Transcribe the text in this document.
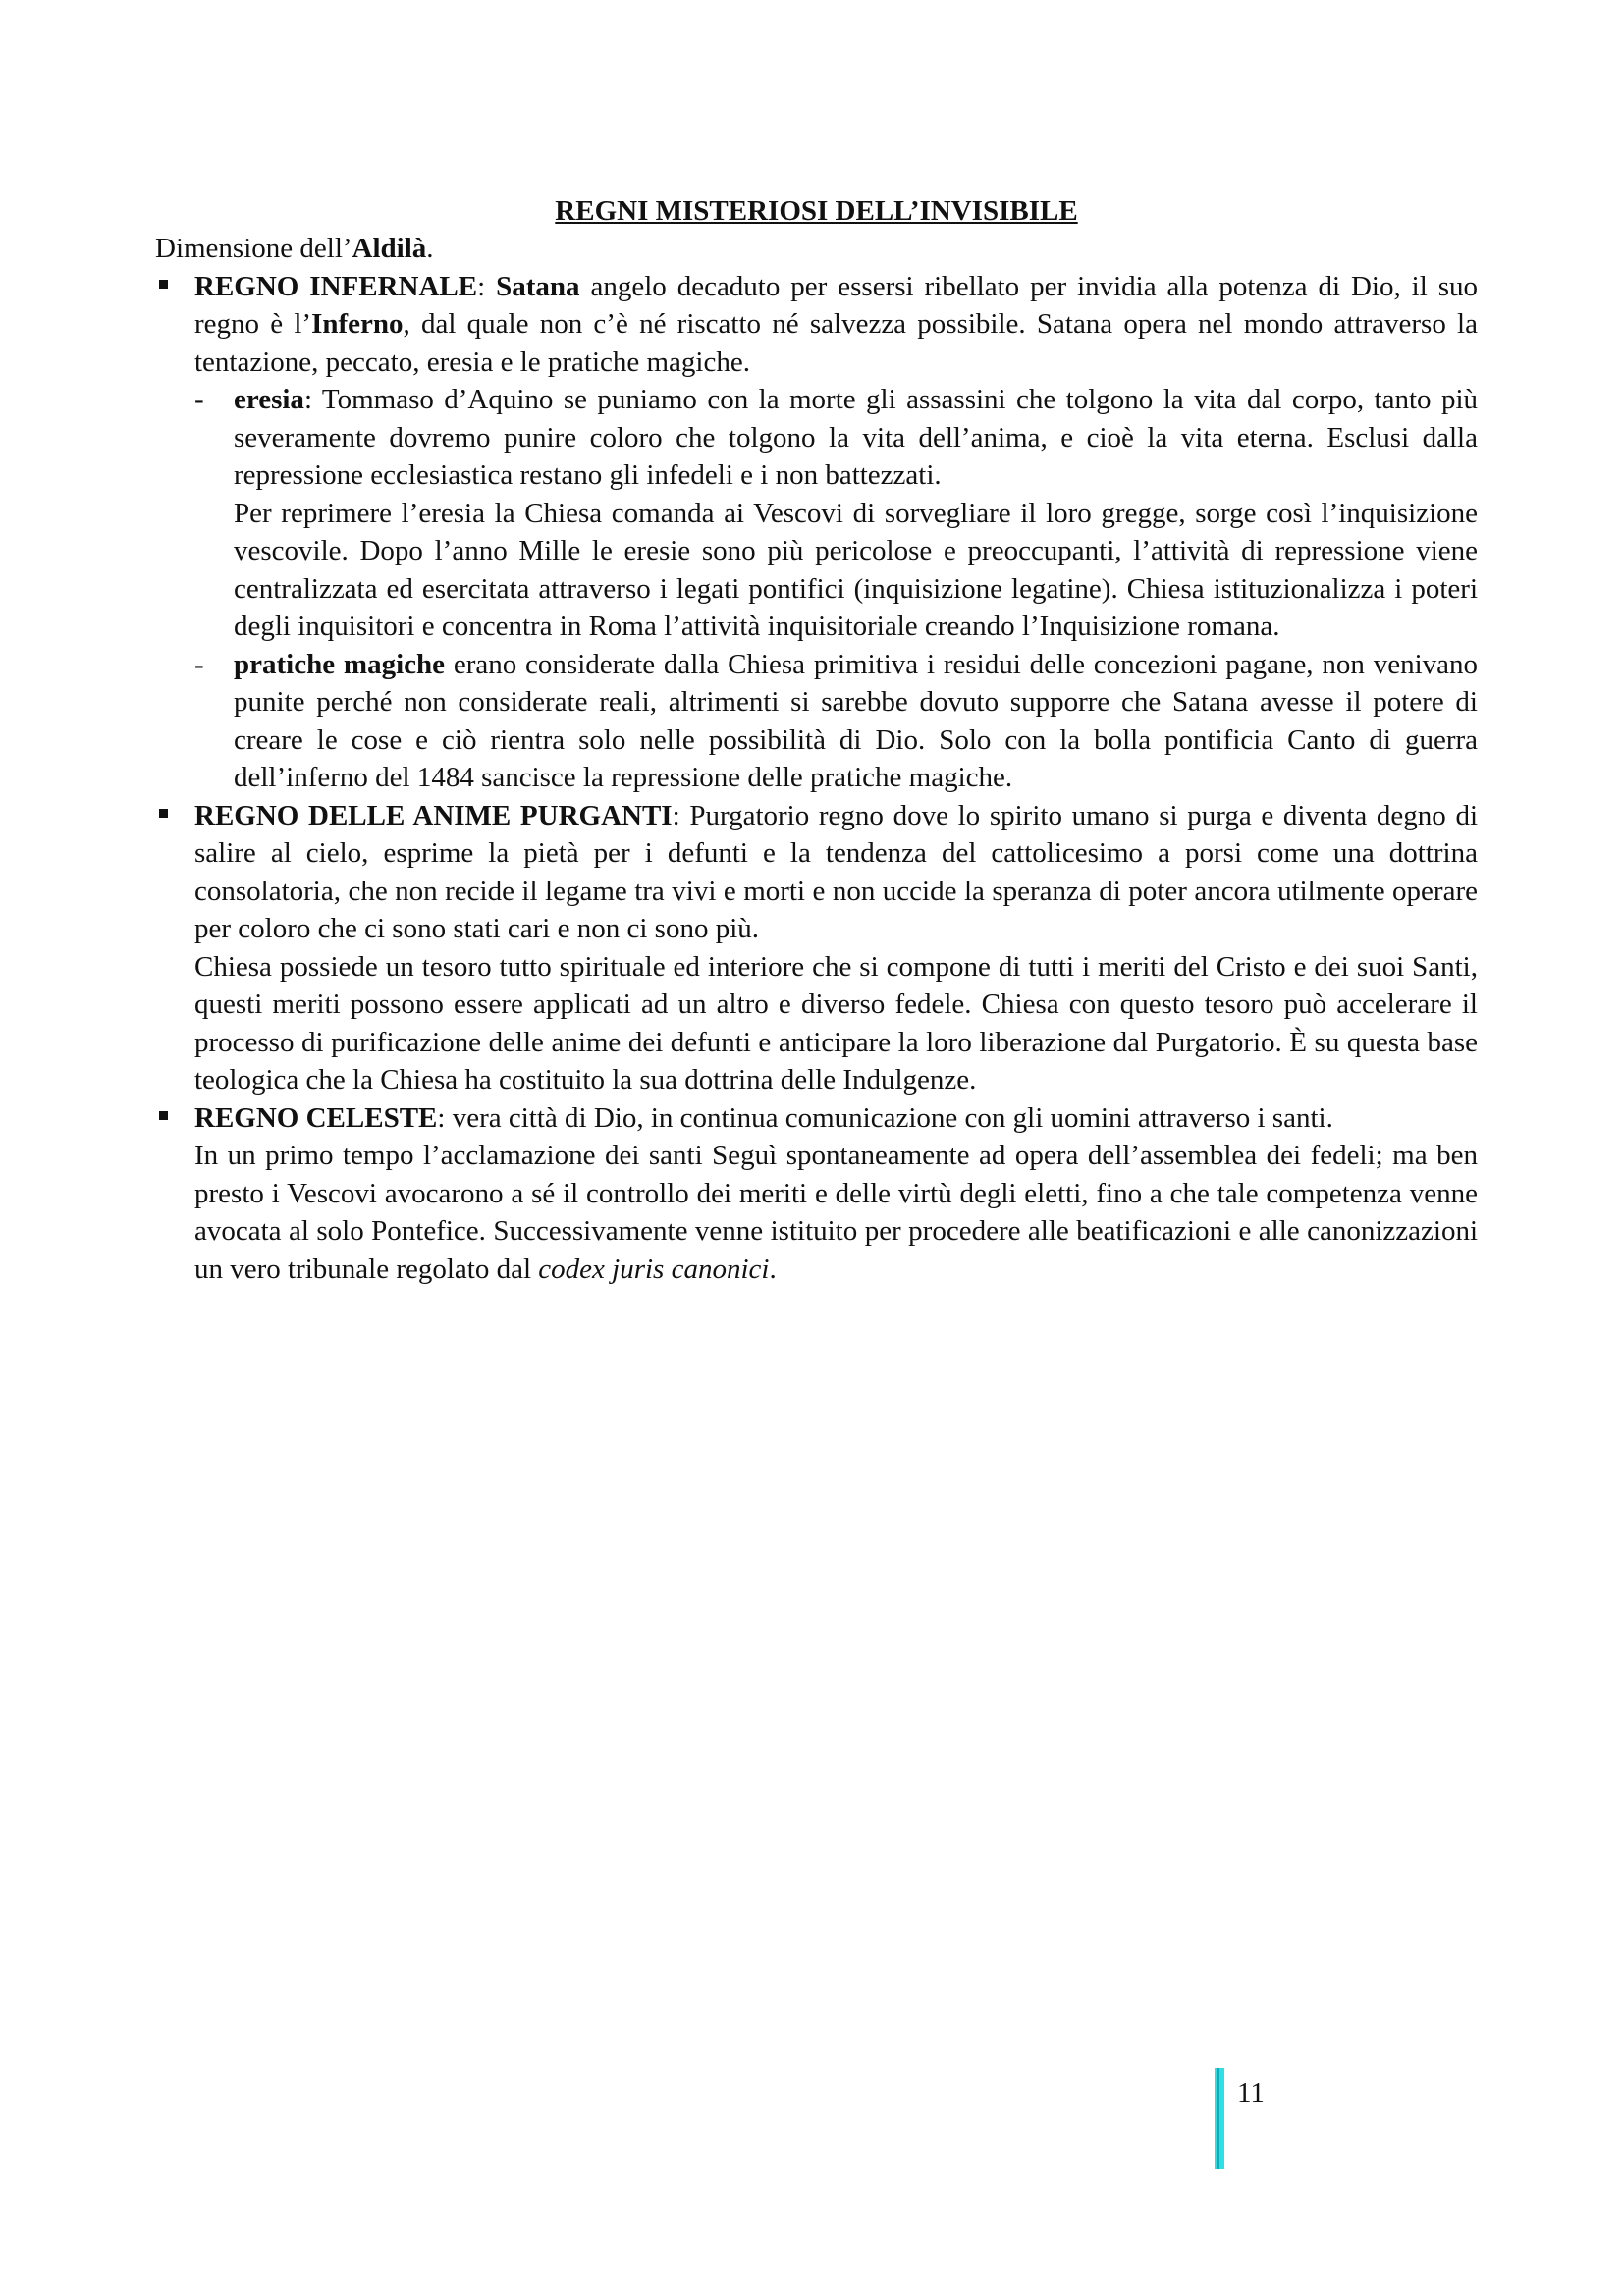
REGNI MISTERIOSI DELL’INVISIBILE

Dimensione dell’Aldilà.

REGNO INFERNALE: Satana angelo decaduto per essersi ribellato per invidia alla potenza di Dio, il suo regno è l’Inferno, dal quale non c’è né riscatto né salvezza possibile. Satana opera nel mondo attraverso la tentazione, peccato, eresia e le pratiche magiche.

- eresia: Tommaso d’Aquino se puniamo con la morte gli assassini che tolgono la vita dal corpo, tanto più severamente dovremo punire coloro che tolgono la vita dell’anima, e cioè la vita eterna. Esclusi dalla repressione ecclesiastica restano gli infedeli e i non battezzati.

Per reprimere l’eresia la Chiesa comanda ai Vescovi di sorvegliare il loro gregge, sorge così l’inquisizione vescovile. Dopo l’anno Mille le eresie sono più pericolose e preoccupanti, l’attività di repressione viene centralizzata ed esercitata attraverso i legati pontifici (inquisizione legatine). Chiesa istituzionalizza i poteri degli inquisitori e concentra in Roma l’attività inquisitoriale creando l’Inquisizione romana.

- pratiche magiche erano considerate dalla Chiesa primitiva i residui delle concezioni pagane, non venivano punite perché non considerate reali, altrimenti si sarebbe dovuto supporre che Satana avesse il potere di creare le cose e ciò rientra solo nelle possibilità di Dio. Solo con la bolla pontificia Canto di guerra dell’inferno del 1484 sancisce la repressione delle pratiche magiche.

REGNO DELLE ANIME PURGANTI: Purgatorio regno dove lo spirito umano si purga e diventa degno di salire al cielo, esprime la pietà per i defunti e la tendenza del cattolicesimo a porsi come una dottrina consolatoria, che non recide il legame tra vivi e morti e non uccide la speranza di poter ancora utilmente operare per coloro che ci sono stati cari e non ci sono più.

Chiesa possiede un tesoro tutto spirituale ed interiore che si compone di tutti i meriti del Cristo e dei suoi Santi, questi meriti possono essere applicati ad un altro e diverso fedele. Chiesa con questo tesoro può accelerare il processo di purificazione delle anime dei defunti e anticipare la loro liberazione dal Purgatorio. È su questa base teologica che la Chiesa ha costituito la sua dottrina delle Indulgenze.

REGNO CELESTE: vera città di Dio, in continua comunicazione con gli uomini attraverso i santi.

In un primo tempo l’acclamazione dei santi Seguì spontaneamente ad opera dell’assemblea dei fedeli; ma ben presto i Vescovi avocarono a sé il controllo dei meriti e delle virtù degli eletti, fino a che tale competenza venne avocata al solo Pontefice. Successivamente venne istituito per procedere alle beatificazioni e alle canonizzazioni un vero tribunale regolato dal codex juris canonici.

11
